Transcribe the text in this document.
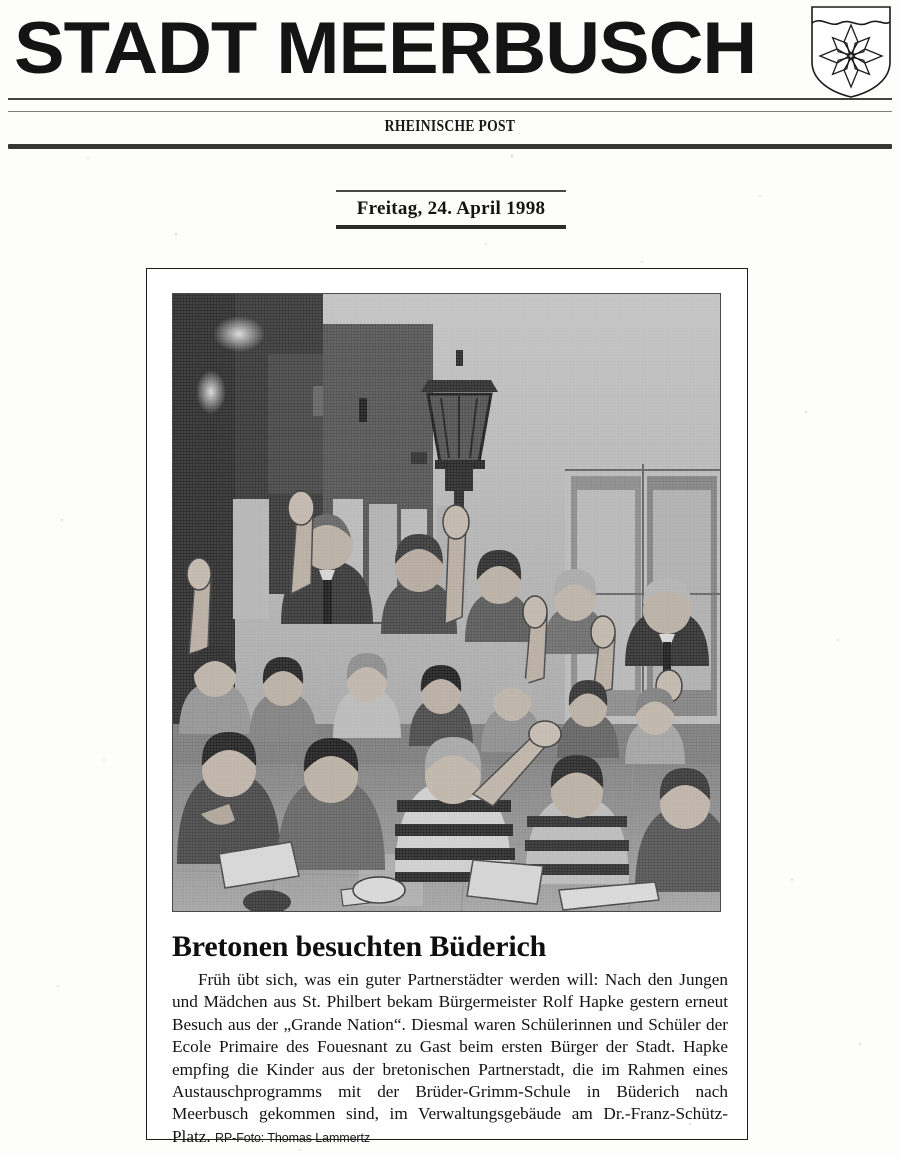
STADT MEERBUSCH
RHEINISCHE POST
Freitag, 24. April 1998
Bretonen besuchten Büderich
Früh übt sich, was ein guter Partnerstädter werden will: Nach den Jungen und Mädchen aus St. Philbert bekam Bürgermeister Rolf Hapke gestern erneut Besuch aus der „Grande Nation“. Diesmal waren Schülerinnen und Schüler der Ecole Primaire des Fouesnant zu Gast beim ersten Bürger der Stadt. Hapke empfing die Kinder aus der bretonischen Partnerstadt, die im Rahmen eines Austauschprogramms mit der Brüder-Grimm-Schule in Büderich nach Meerbusch gekommen sind, im Verwaltungsgebäude am Dr.-Franz-Schütz-Platz. RP-Foto: Thomas Lammertz
